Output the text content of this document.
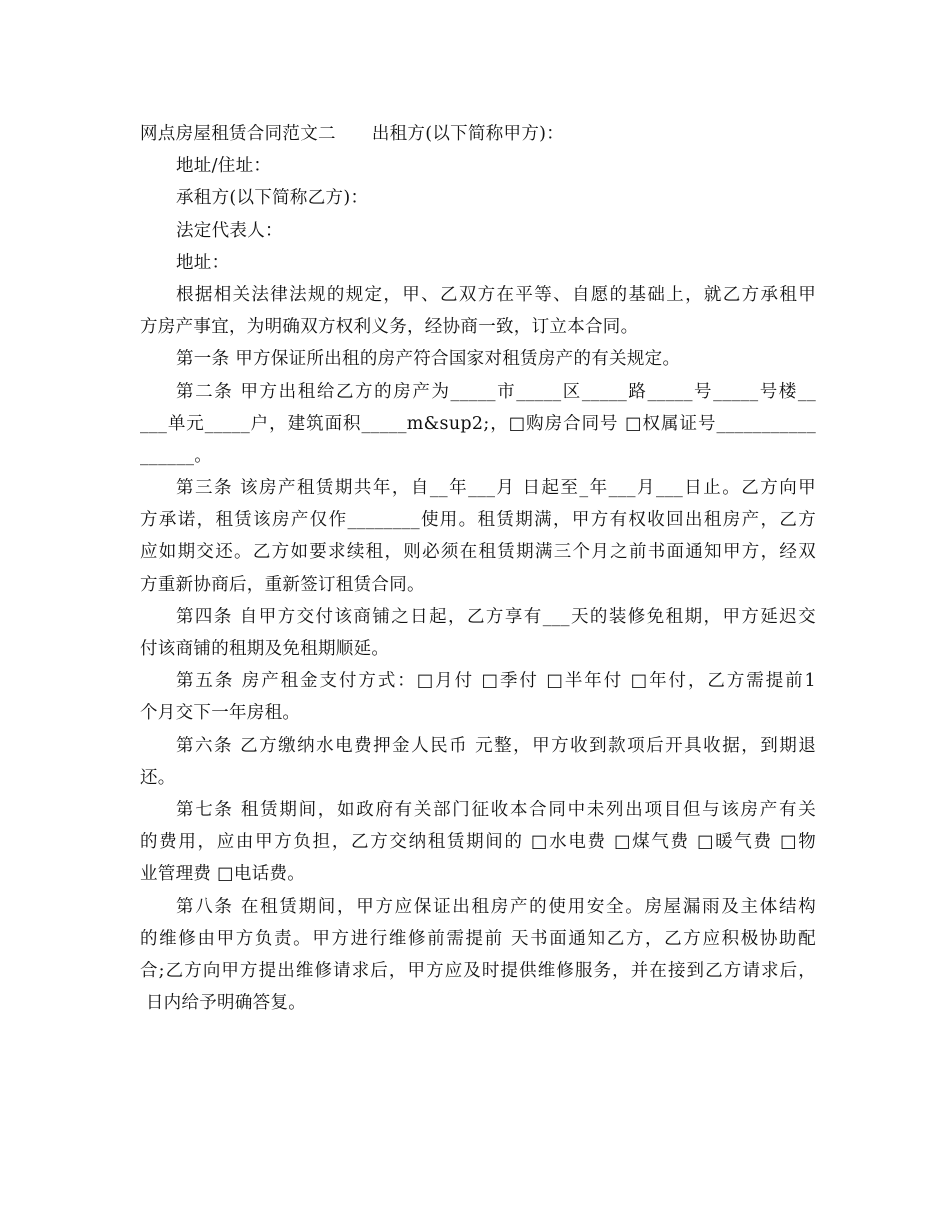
网点房屋租赁合同范文二 出租方(以下简称甲方)：
地址/住址：
承租方(以下简称乙方)：
法定代表人：
地址：
根据相关法律法规的规定，甲、乙双方在平等、自愿的基础上，就乙方承租甲
方房产事宜，为明确双方权利义务，经协商一致，订立本合同。
第一条 甲方保证所出租的房产符合国家对租赁房产的有关规定。
第二条 甲方出租给乙方的房产为_____市_____区_____路_____号_____号楼__
___单元_____户，建筑面积_____m&sup2;，□购房合同号 □权属证号___________
______。
第三条 该房产租赁期共年，自__年___月 日起至_年___月___日止。乙方向甲
方承诺，租赁该房产仅作________使用。租赁期满，甲方有权收回出租房产，乙方
应如期交还。乙方如要求续租，则必须在租赁期满三个月之前书面通知甲方，经双
方重新协商后，重新签订租赁合同。
第四条 自甲方交付该商铺之日起，乙方享有___天的装修免租期，甲方延迟交
付该商铺的租期及免租期顺延。
第五条 房产租金支付方式：□月付 □季付 □半年付 □年付，乙方需提前1
个月交下一年房租。
第六条 乙方缴纳水电费押金人民币 元整，甲方收到款项后开具收据，到期退
还。
第七条 租赁期间，如政府有关部门征收本合同中未列出项目但与该房产有关
的费用，应由甲方负担，乙方交纳租赁期间的 □水电费 □煤气费 □暖气费 □物
业管理费 □电话费。
第八条 在租赁期间，甲方应保证出租房产的使用安全。房屋漏雨及主体结构
的维修由甲方负责。甲方进行维修前需提前 天书面通知乙方，乙方应积极协助配
合;乙方向甲方提出维修请求后，甲方应及时提供维修服务，并在接到乙方请求后，
日内给予明确答复。
